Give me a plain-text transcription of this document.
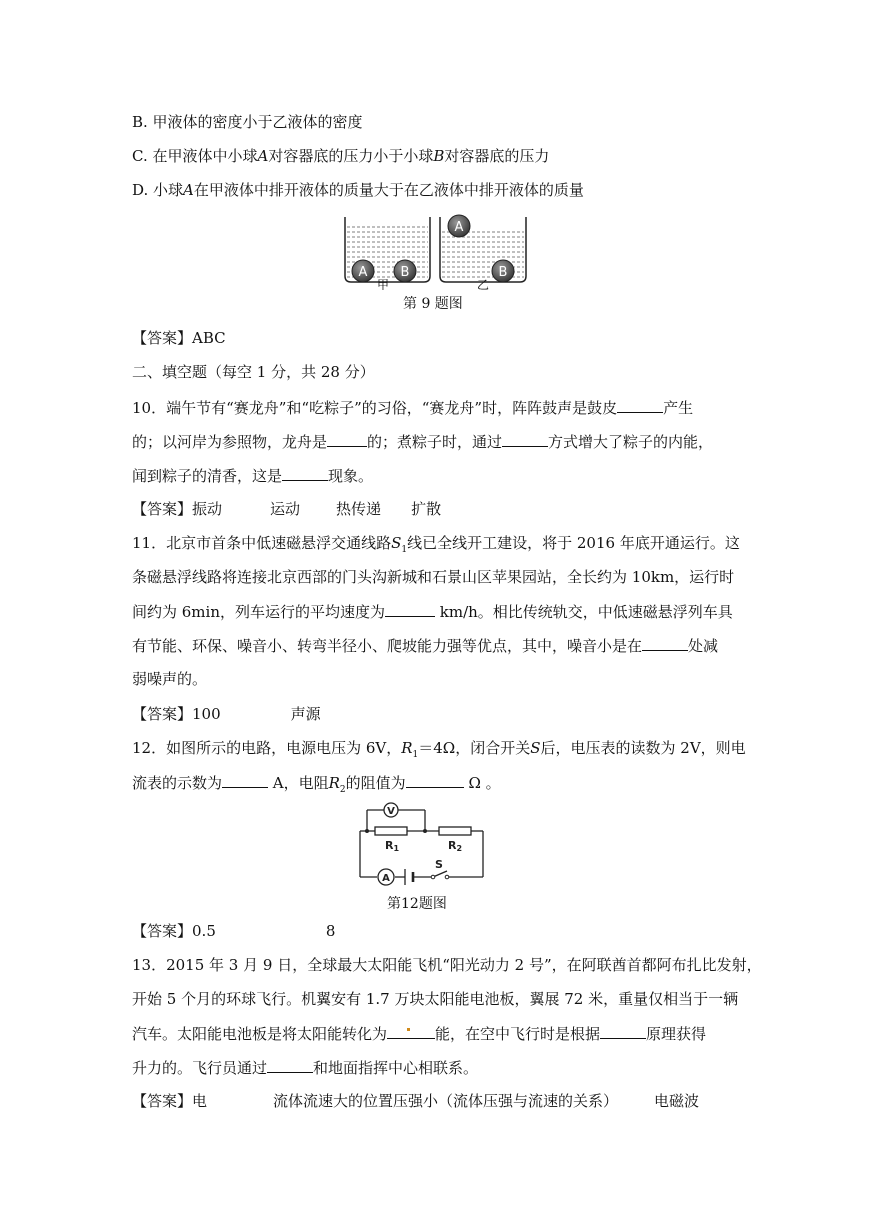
B. 甲液体的密度小于乙液体的密度
C. 在甲液体中小球A对容器底的压力小于小球B对容器底的压力
D. 小球A在甲液体中排开液体的质量大于在乙液体中排开液体的质量
A	B
甲
A
B
乙
第 9 题图
【答案】ABC
二、填空题（每空 1 分，共 28 分）
10．端午节有“赛龙舟”和“吃粽子”的习俗，“赛龙舟”时，阵阵鼓声是鼓皮	产生
的；以河岸为参照物，龙舟是	的；煮粽子时，通过	方式增大了粽子的内能，
闻到粽子的清香，这是	现象。
【答案】振动	运动 热传递 扩散
11．北京市首条中低速磁悬浮交通线路$S_1$线已全线开工建设，将于 2016 年底开通运行。这
条磁悬浮线路将连接北京西部的门头沟新城和石景山区苹果园站，全长约为 10km，运行时
间约为 6min，列车运行的平均速度为	km/h。相比传统轨交，中低速磁悬浮列车具
有节能、环保、噪音小、转弯半径小、爬坡能力强等优点，其中，噪音小是在	处减
弱噪声的。
【答案】100	声源
12．如图所示的电路，电源电压为 6V，$R_1=4\Omega$，闭合开关S后，电压表的读数为 2V，则电
流表的示数为	A，电阻$R_2$的阻值为	Ω 。
V
R1	R2
A
S
第12题图
【答案】0.5	8
13．2015 年 3 月 9 日，全球最大太阳能飞机“阳光动力 2 号”，在阿联酋首都阿布扎比发射，
开始 5 个月的环球飞行。机翼安有 1.7 万块太阳能电池板，翼展 72 米，重量仅相当于一辆
汽车。太阳能电池板是将太阳能转化为	能，在空中飞行时是根据	原理获得
升力的。飞行员通过	和地面指挥中心相联系。
【答案】电	流体流速大的位置压强小（流体压强与流速的关系） 电磁波
